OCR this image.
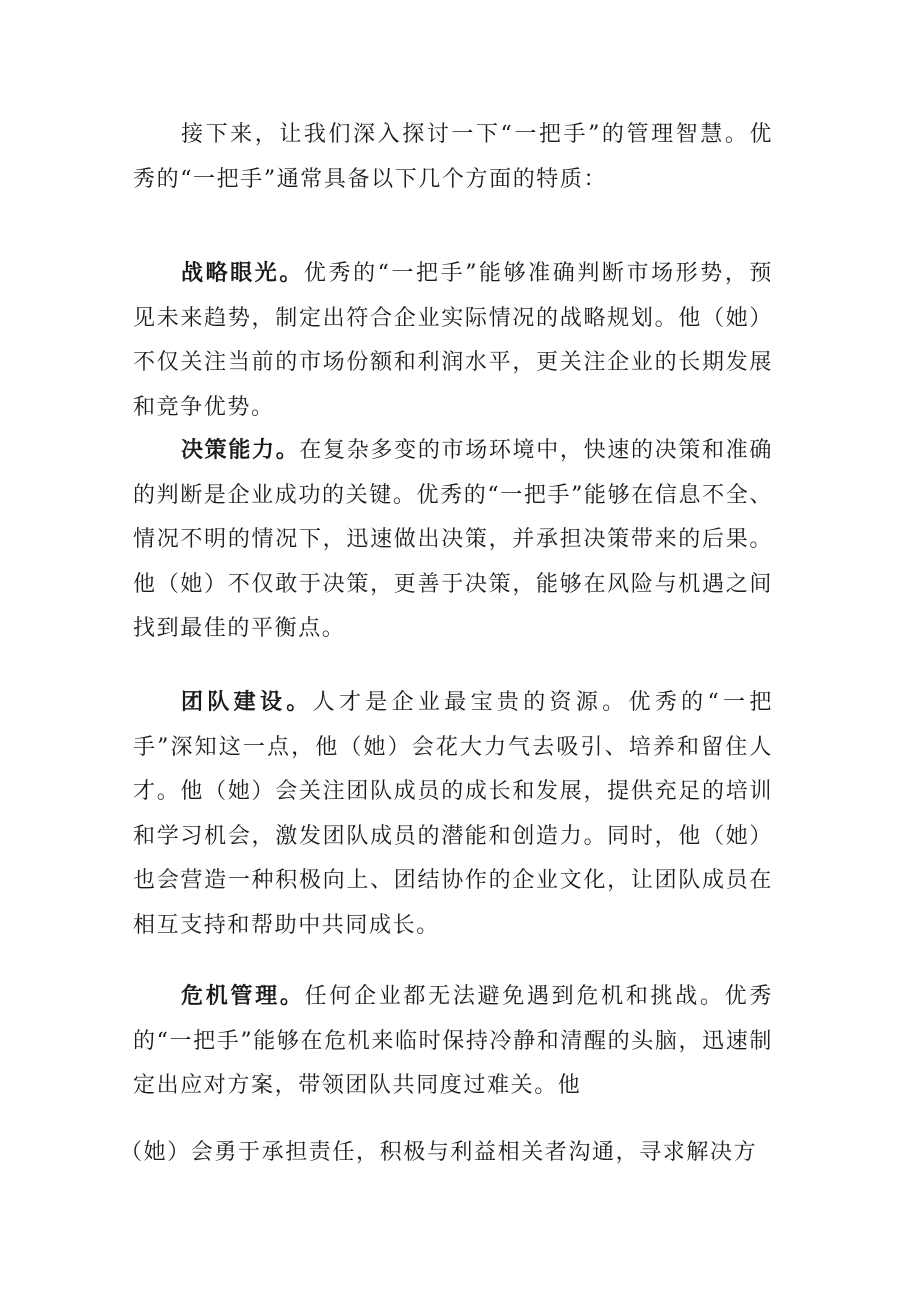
接下来，让我们深入探讨一下“一把手”的管理智慧。优秀的“一把手”通常具备以下几个方面的特质：

战略眼光。优秀的“一把手”能够准确判断市场形势，预见未来趋势，制定出符合企业实际情况的战略规划。他（她）不仅关注当前的市场份额和利润水平，更关注企业的长期发展和竞争优势。

决策能力。在复杂多变的市场环境中，快速的决策和准确的判断是企业成功的关键。优秀的“一把手”能够在信息不全、情况不明的情况下，迅速做出决策，并承担决策带来的后果。他（她）不仅敢于决策，更善于决策，能够在风险与机遇之间找到最佳的平衡点。

团队建设。人才是企业最宝贵的资源。优秀的“一把手”深知这一点，他（她）会花大力气去吸引、培养和留住人才。他（她）会关注团队成员的成长和发展，提供充足的培训和学习机会，激发团队成员的潜能和创造力。同时，他（她）也会营造一种积极向上、团结协作的企业文化，让团队成员在相互支持和帮助中共同成长。

危机管理。任何企业都无法避免遇到危机和挑战。优秀的“一把手”能够在危机来临时保持冷静和清醒的头脑，迅速制定出应对方案，带领团队共同度过难关。他

（她）会勇于承担责任，积极与利益相关者沟通，寻求解决方
